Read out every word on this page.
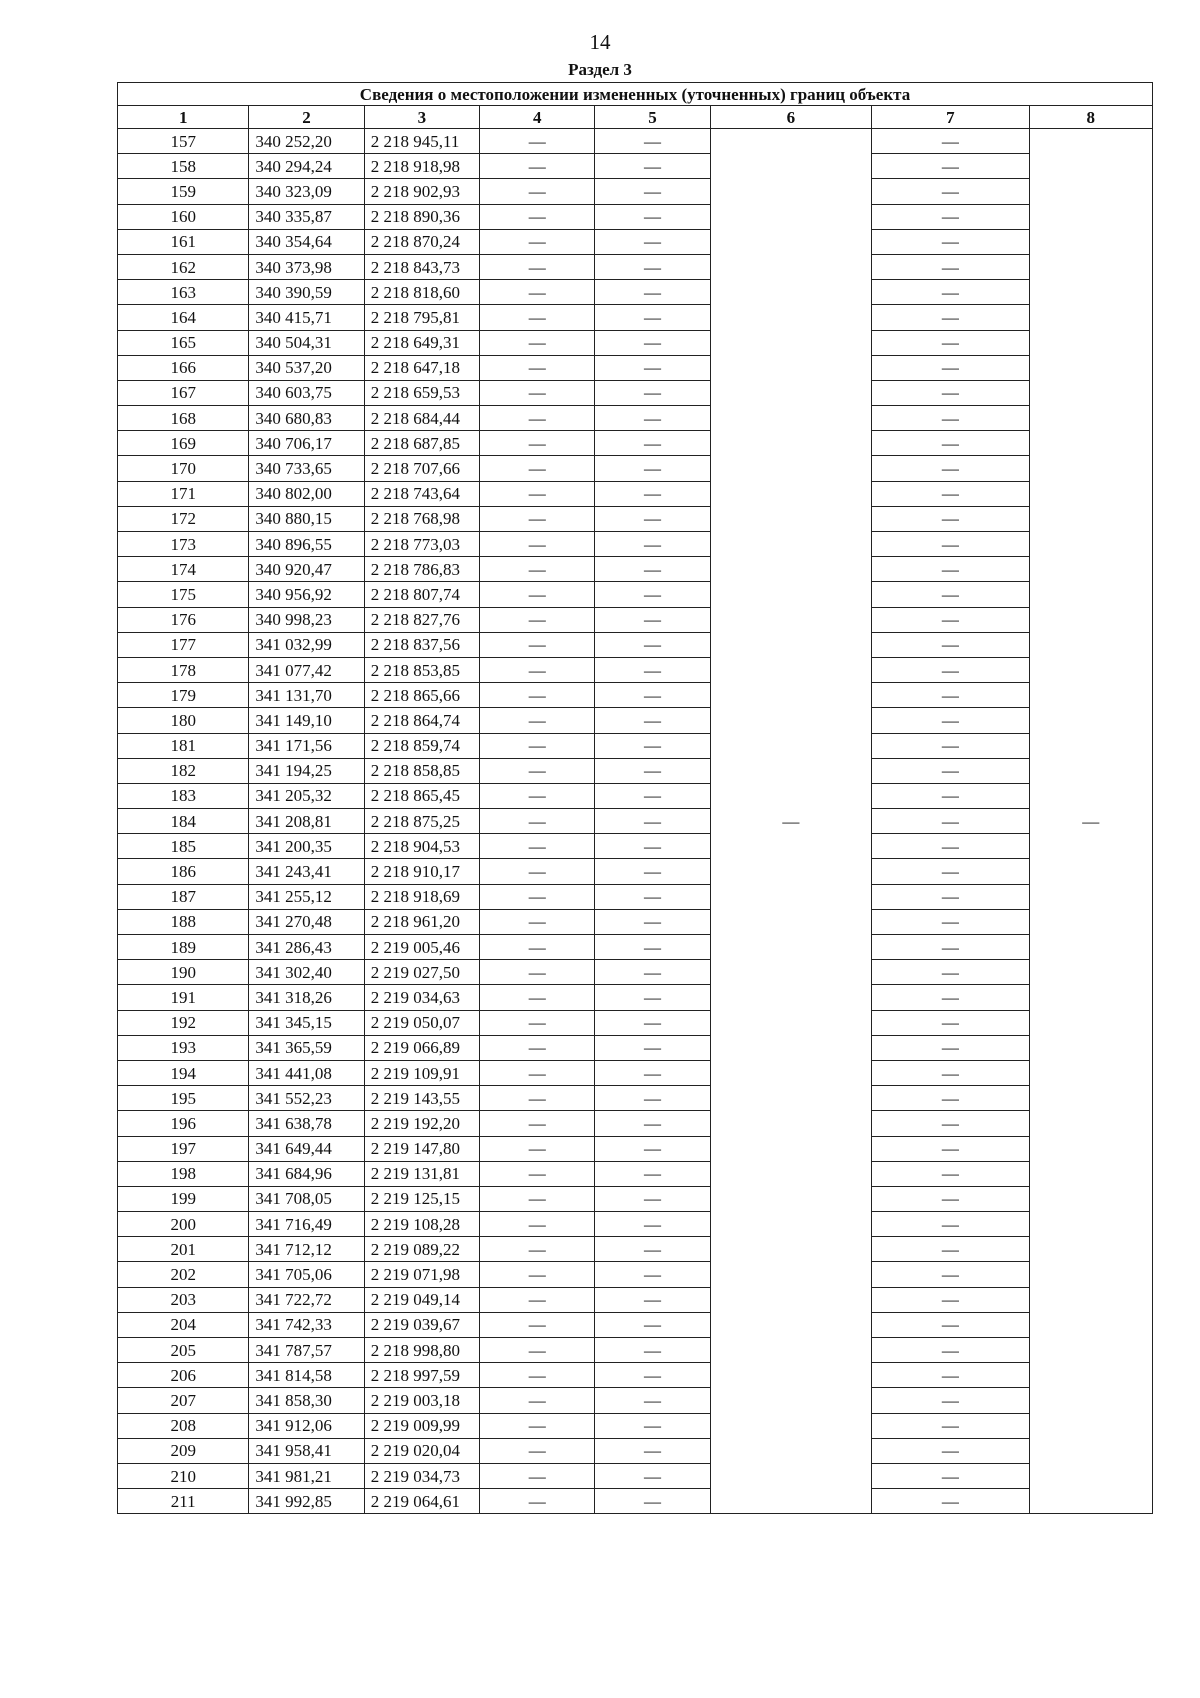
14
Раздел 3
Сведения о местоположении измененных (уточненных) границ объекта							
1	2	3	4	5	6	7	8
157	340 252,20	2 218 945,11	—	—	—	—	—
158	340 294,24	2 218 918,98	—	—		—	
159	340 323,09	2 218 902,93	—	—		—	
160	340 335,87	2 218 890,36	—	—		—	
161	340 354,64	2 218 870,24	—	—		—	
162	340 373,98	2 218 843,73	—	—		—	
163	340 390,59	2 218 818,60	—	—		—	
164	340 415,71	2 218 795,81	—	—		—	
165	340 504,31	2 218 649,31	—	—		—	
166	340 537,20	2 218 647,18	—	—		—	
167	340 603,75	2 218 659,53	—	—		—	
168	340 680,83	2 218 684,44	—	—		—	
169	340 706,17	2 218 687,85	—	—		—	
170	340 733,65	2 218 707,66	—	—		—	
171	340 802,00	2 218 743,64	—	—		—	
172	340 880,15	2 218 768,98	—	—		—	
173	340 896,55	2 218 773,03	—	—		—	
174	340 920,47	2 218 786,83	—	—		—	
175	340 956,92	2 218 807,74	—	—		—	
176	340 998,23	2 218 827,76	—	—		—	
177	341 032,99	2 218 837,56	—	—		—	
178	341 077,42	2 218 853,85	—	—		—	
179	341 131,70	2 218 865,66	—	—		—	
180	341 149,10	2 218 864,74	—	—		—	
181	341 171,56	2 218 859,74	—	—		—	
182	341 194,25	2 218 858,85	—	—		—	
183	341 205,32	2 218 865,45	—	—		—	
184	341 208,81	2 218 875,25	—	—		—	
185	341 200,35	2 218 904,53	—	—		—	
186	341 243,41	2 218 910,17	—	—		—	
187	341 255,12	2 218 918,69	—	—		—	
188	341 270,48	2 218 961,20	—	—		—	
189	341 286,43	2 219 005,46	—	—		—	
190	341 302,40	2 219 027,50	—	—		—	
191	341 318,26	2 219 034,63	—	—		—	
192	341 345,15	2 219 050,07	—	—		—	
193	341 365,59	2 219 066,89	—	—		—	
194	341 441,08	2 219 109,91	—	—		—	
195	341 552,23	2 219 143,55	—	—		—	
196	341 638,78	2 219 192,20	—	—		—	
197	341 649,44	2 219 147,80	—	—		—	
198	341 684,96	2 219 131,81	—	—		—	
199	341 708,05	2 219 125,15	—	—		—	
200	341 716,49	2 219 108,28	—	—		—	
201	341 712,12	2 219 089,22	—	—		—	
202	341 705,06	2 219 071,98	—	—		—	
203	341 722,72	2 219 049,14	—	—		—	
204	341 742,33	2 219 039,67	—	—		—	
205	341 787,57	2 218 998,80	—	—		—	
206	341 814,58	2 218 997,59	—	—		—	
207	341 858,30	2 219 003,18	—	—		—	
208	341 912,06	2 219 009,99	—	—		—	
209	341 958,41	2 219 020,04	—	—		—	
210	341 981,21	2 219 034,73	—	—		—	
211	341 992,85	2 219 064,61	—	—		—	
